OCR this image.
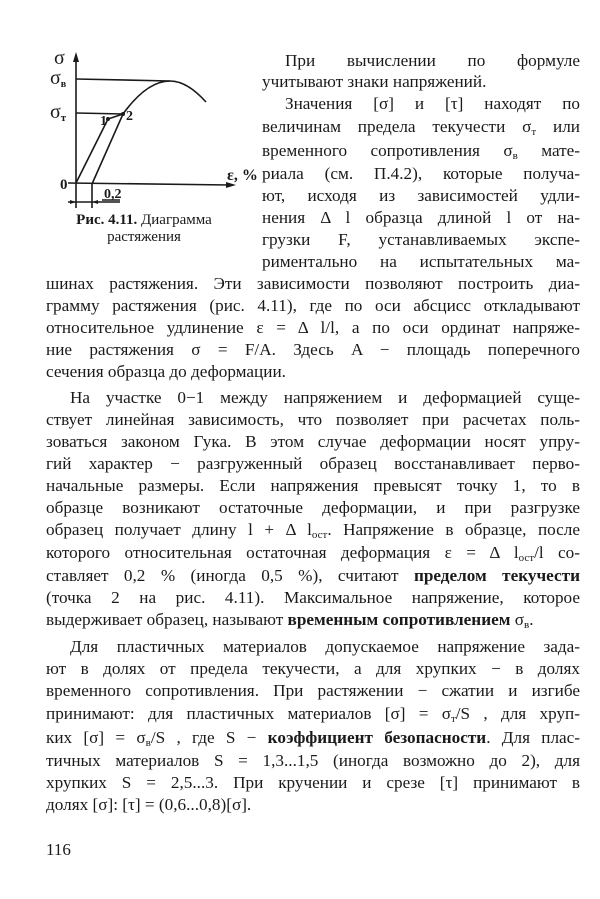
σ
σв
σт
0
ε, %
1 2
0,2
Рис. 4.11. Диаграмма
растяжения
При вычислении по формуле
учитывают знаки напряжений.
Значения [σ] и [τ] находят по
величинам предела текучести $\sigma_т$ или
временного сопротивления $\sigma_в$ мате-
риала (см. П.4.2), которые получа-
ют, исходя из зависимостей удли-
нения Δ l образца длиной l от на-
грузки F, устанавливаемых экспе-
риментально на испытательных ма-
шинах растяжения. Эти зависимости позволяют построить диа-
грамму растяжения (рис. 4.11), где по оси абсцисс откладывают
относительное удлинение ε = Δ l/l, а по оси ординат напряже-
ние растяжения σ = F/A. Здесь A − площадь поперечного
сечения образца до деформации.
На участке 0−1 между напряжением и деформацией суще-
ствует линейная зависимость, что позволяет при расчетах поль-
зоваться законом Гука. В этом случае деформации носят упру-
гий характер − разгруженный образец восстанавливает перво-
начальные размеры. Если напряжения превысят точку 1, то в
образце возникают остаточные деформации, и при разгрузке
образец получает длину l + Δ $l_{ост}$. Напряжение в образце, после
которого относительная остаточная деформация ε = Δ $l_{ост}/l$ со-
ставляет 0,2 % (иногда 0,5 %), считают пределом текучести
(точка 2 на рис. 4.11). Максимальное напряжение, которое
выдерживает образец, называют временным сопротивлением $\sigma_в$.
Для пластичных материалов допускаемое напряжение зада-
ют в долях от предела текучести, а для хрупких − в долях
временного сопротивления. При растяжении − сжатии и изгибе
принимают: для пластичных материалов $[\sigma] = \sigma_т/S$ , для хруп-
ких $[\sigma] = \sigma_в/S$ , где S − коэффициент безопасности. Для плас-
тичных материалов S = 1,3...1,5 (иногда возможно до 2), для
хрупких S = 2,5...3. При кручении и срезе [τ] принимают в
долях [σ]: [τ] = (0,6...0,8)[σ].
116
